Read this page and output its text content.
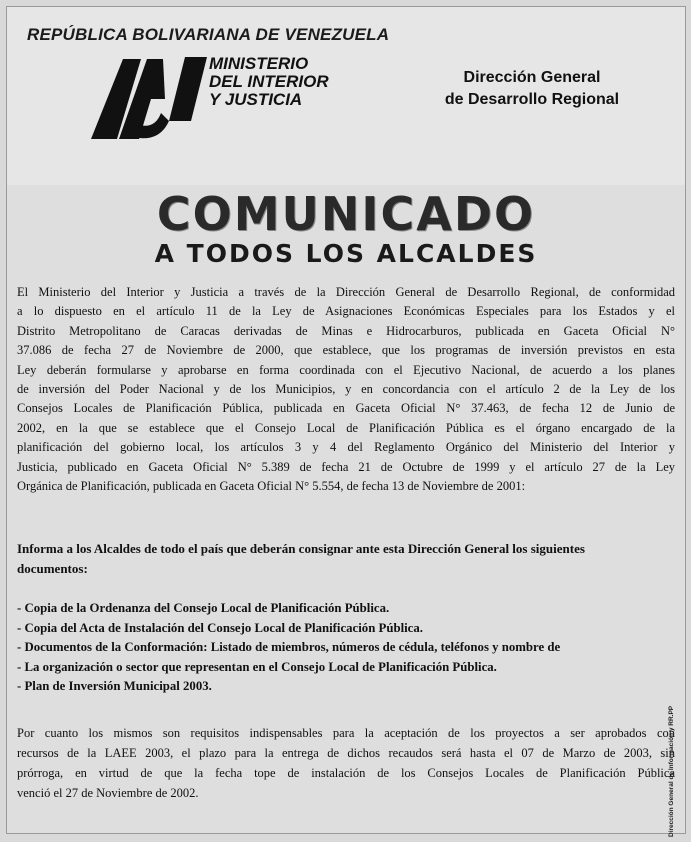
REPÚBLICA BOLIVARIANA DE VENEZUELA
MINISTERIO
DEL INTERIOR
Y JUSTICIA
Dirección General
de Desarrollo Regional
COMUNICADO
A TODOS LOS ALCALDES
El Ministerio del Interior y Justicia a través de la Dirección General de Desarrollo Regional, de conformidad
a lo dispuesto en el artículo 11 de la Ley de Asignaciones Económicas Especiales para los Estados y el
Distrito Metropolitano de Caracas derivadas de Minas e Hidrocarburos, publicada en Gaceta Oficial N°
37.086 de fecha 27 de Noviembre de 2000, que establece, que los programas de inversión previstos en esta
Ley deberán formularse y aprobarse en forma coordinada con el Ejecutivo Nacional, de acuerdo a los planes
de inversión del Poder Nacional y de los Municipios, y en concordancia con el artículo 2 de la Ley de los
Consejos Locales de Planificación Pública, publicada en Gaceta Oficial N° 37.463, de fecha 12 de Junio de
2002, en la que se establece que el Consejo Local de Planificación Pública es el órgano encargado de la
planificación del gobierno local, los artículos 3 y 4 del Reglamento Orgánico del Ministerio del Interior y
Justicia, publicado en Gaceta Oficial N° 5.389 de fecha 21 de Octubre de 1999 y el artículo 27 de la Ley
Orgánica de Planificación, publicada en Gaceta Oficial N° 5.554, de fecha 13 de Noviembre de 2001:
Informa a los Alcaldes de todo el país que deberán consignar ante esta Dirección General los siguientes
documentos:
- Copia de la Ordenanza del Consejo Local de Planificación Pública.
- Copia del Acta de Instalación del Consejo Local de Planificación Pública.
- Documentos de la Conformación: Listado de miembros, números de cédula, teléfonos y nombre de
- La organización o sector que representan en el Consejo Local de Planificación Pública.
- Plan de Inversión Municipal 2003.
Por cuanto los mismos son requisitos indispensables para la aceptación de los proyectos a ser aprobados con
recursos de la LAEE 2003, el plazo para la entrega de dichos recaudos será hasta el 07 de Marzo de 2003, sin
prórroga, en virtud de que la fecha tope de instalación de los Consejos Locales de Planificación Pública
venció el 27 de Noviembre de 2002.	Dirección General de Información y RR.PP
